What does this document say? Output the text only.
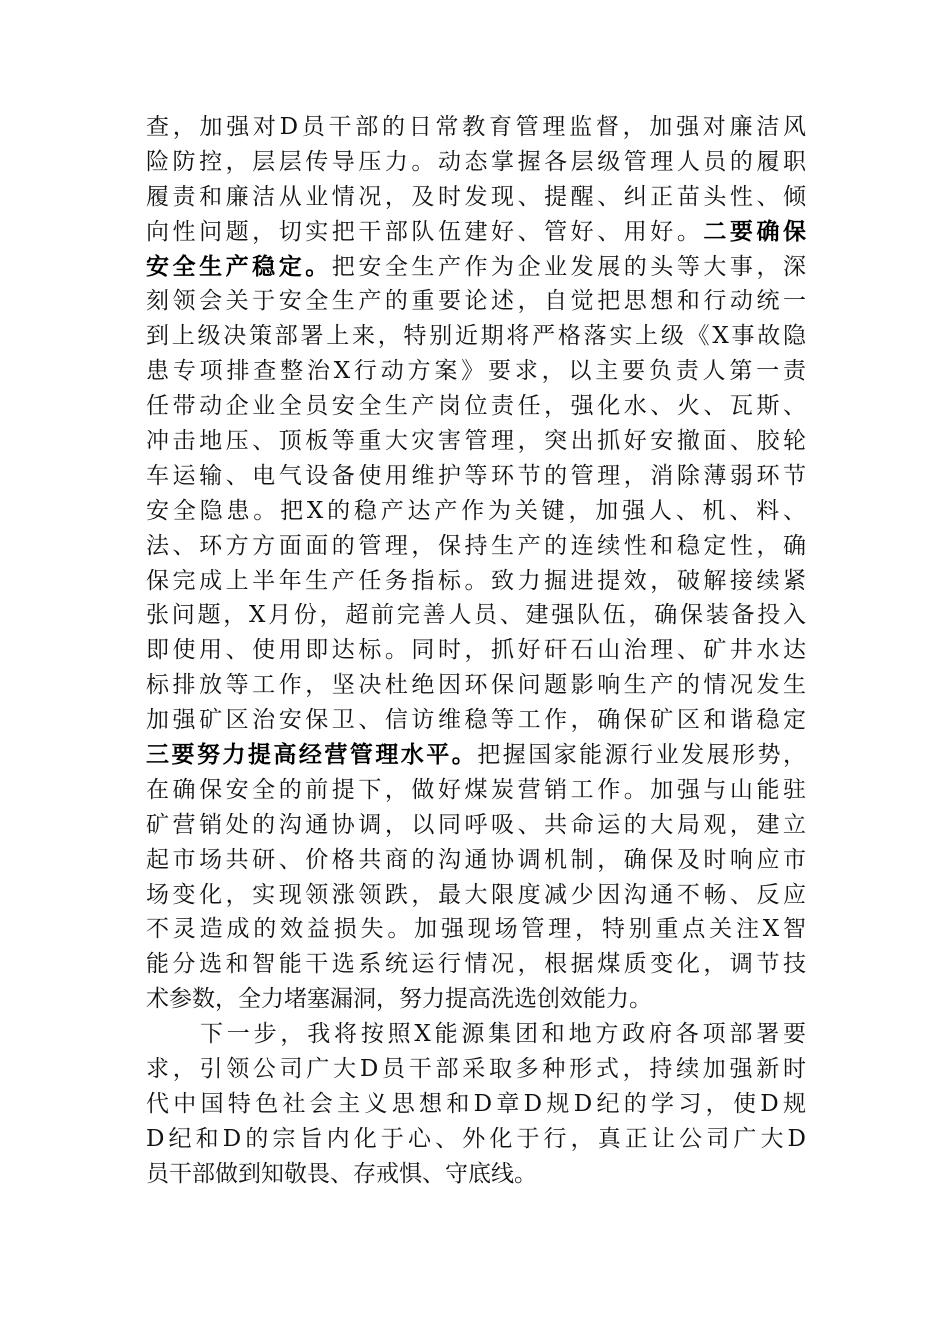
查，加强对D员干部的日常教育管理监督，加强对廉洁风
险防控，层层传导压力。动态掌握各层级管理人员的履职
履责和廉洁从业情况，及时发现、提醒、纠正苗头性、倾
向性问题，切实把干部队伍建好、管好、用好。二要确保
安全生产稳定。把安全生产作为企业发展的头等大事，深
刻领会关于安全生产的重要论述，自觉把思想和行动统一
到上级决策部署上来，特别近期将严格落实上级《X事故隐
患专项排查整治X行动方案》要求，以主要负责人第一责
任带动企业全员安全生产岗位责任，强化水、火、瓦斯、
冲击地压、顶板等重大灾害管理，突出抓好安撤面、胶轮
车运输、电气设备使用维护等环节的管理，消除薄弱环节
安全隐患。把X的稳产达产作为关键，加强人、机、料、
法、环方方面面的管理，保持生产的连续性和稳定性，确
保完成上半年生产任务指标。致力掘进提效，破解接续紧
张问题，X月份，超前完善人员、建强队伍，确保装备投入
即使用、使用即达标。同时，抓好矸石山治理、矿井水达
标排放等工作，坚决杜绝因环保问题影响生产的情况发生
加强矿区治安保卫、信访维稳等工作，确保矿区和谐稳定
三要努力提高经营管理水平。把握国家能源行业发展形势，
在确保安全的前提下，做好煤炭营销工作。加强与山能驻
矿营销处的沟通协调，以同呼吸、共命运的大局观，建立
起市场共研、价格共商的沟通协调机制，确保及时响应市
场变化，实现领涨领跌，最大限度减少因沟通不畅、反应
不灵造成的效益损失。加强现场管理，特别重点关注X智
能分选和智能干选系统运行情况，根据煤质变化，调节技
术参数，全力堵塞漏洞，努力提高洗选创效能力。
下一步，我将按照X能源集团和地方政府各项部署要
求，引领公司广大D员干部采取多种形式，持续加强新时
代中国特色社会主义思想和D章D规D纪的学习，使D规
D纪和D的宗旨内化于心、外化于行，真正让公司广大D
员干部做到知敬畏、存戒惧、守底线。
